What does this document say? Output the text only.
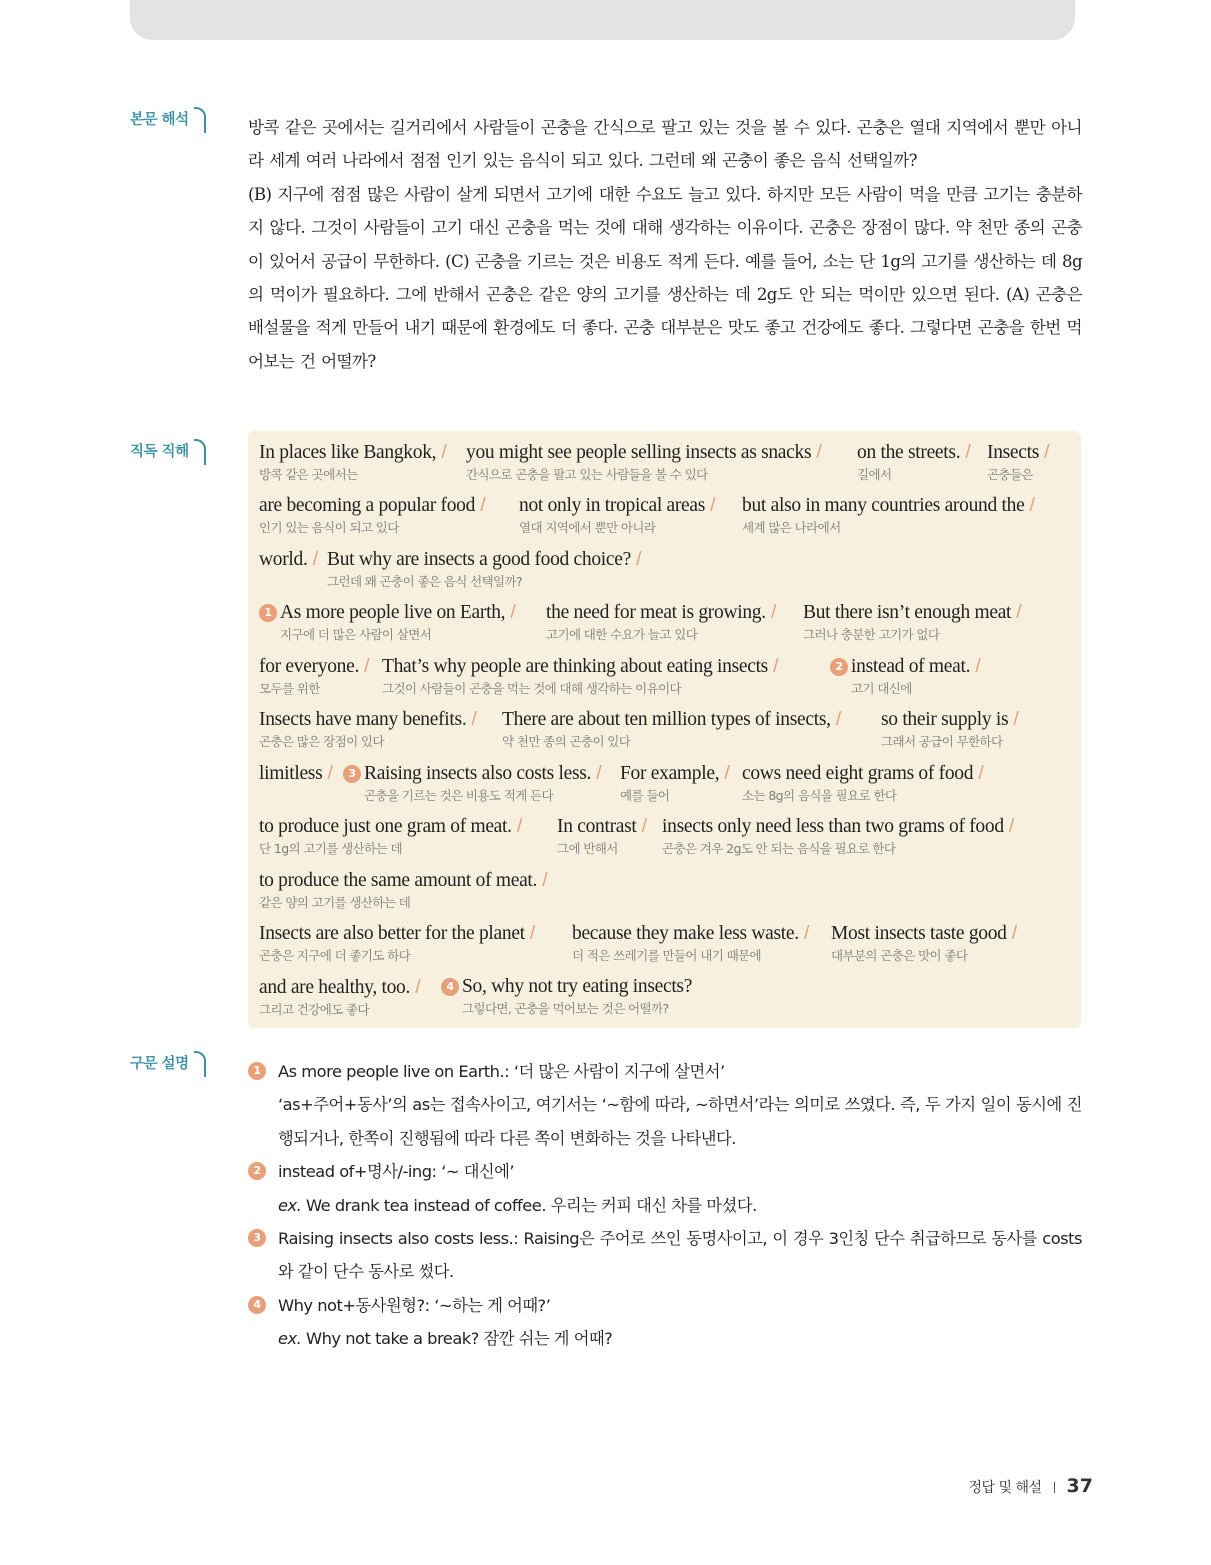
본문 해석	방콕 같은 곳에서는 길거리에서 사람들이 곤충을 간식으로 팔고 있는 것을 볼 수 있다. 곤충은 열대 지역에서 뿐만 아니라 세계 여러 나라에서 점점 인기 있는 음식이 되고 있다. 그런데 왜 곤충이 좋은 음식 선택일까?

(B) 지구에 점점 많은 사람이 살게 되면서 고기에 대한 수요도 늘고 있다. 하지만 모든 사람이 먹을 만큼 고기는 충분하지 않다. 그것이 사람들이 고기 대신 곤충을 먹는 것에 대해 생각하는 이유이다. 곤충은 장점이 많다. 약 천만 종의 곤충이 있어서 공급이 무한하다. (C) 곤충을 기르는 것은 비용도 적게 든다. 예를 들어, 소는 단 1g의 고기를 생산하는 데 8g의 먹이가 필요하다. 그에 반해서 곤충은 같은 양의 고기를 생산하는 데 2g도 안 되는 먹이만 있으면 된다. (A) 곤충은 배설물을 적게 만들어 내기 때문에 환경에도 더 좋다. 곤충 대부분은 맛도 좋고 건강에도 좋다. 그렇다면 곤충을 한번 먹어보는 건 어떨까?

직독 직해	In places like Bangkok, /
방콕 같은 곳에서는
you might see people selling insects as snacks /
간식으로 곤충을 팔고 있는 사람들을 볼 수 있다
on the streets. /
길에서
Insects /
곤충들은
are becoming a popular food /
인기 있는 음식이 되고 있다
not only in tropical areas /
열대 지역에서 뿐만 아니라
but also in many countries around the /
세계 많은 나라에서
world. / But why are insects a good food choice? /
그런데 왜 곤충이 좋은 음식 선택일까?
1 As more people live on Earth, /
지구에 더 많은 사람이 살면서
the need for meat is growing. /
고기에 대한 수요가 늘고 있다
But there isn’t enough meat /
그러나 충분한 고기가 없다
for everyone. /
모두를 위한
That’s why people are thinking about eating insects /
그것이 사람들이 곤충을 먹는 것에 대해 생각하는 이유이다
2 instead of meat. /
고기 대신에
Insects have many benefits. /
곤충은 많은 장점이 있다
There are about ten million types of insects, /
약 천만 종의 곤충이 있다
so their supply is /
그래서 공급이 무한하다
limitless /	3 Raising insects also costs less. /
곤충을 기르는 것은 비용도 적게 든다
For example, /
예를 들어
cows need eight grams of food /
소는 8g의 음식을 필요로 한다
to produce just one gram of meat. /
단 1g의 고기를 생산하는 데
In contrast /
그에 반해서
insects only need less than two grams of food /
곤충은 겨우 2g도 안 되는 음식을 필요로 한다
to produce the same amount of meat. /
같은 양의 고기를 생산하는 데
Insects are also better for the planet /
곤충은 지구에 더 좋기도 하다
because they make less waste. /
더 적은 쓰레기를 만들어 내기 때문에
Most insects taste good /
대부분의 곤충은 맛이 좋다
and are healthy, too. /
그리고 건강에도 좋다
4 So, why not try eating insects?
그렇다면, 곤충을 먹어보는 것은 어떨까?
구문 설명	1	As more people live on Earth.: ‘더 많은 사람이 지구에 살면서’
‘as+주어+동사’의 as는 접속사이고, 여기서는 ‘~함에 따라, ~하면서’라는 의미로 쓰였다. 즉, 두 가지 일이 동시에 진행되거나, 한쪽이 진행됨에 따라 다른 쪽이 변화하는 것을 나타낸다.
2	instead of+명사/-ing: ‘~ 대신에’
ex. We drank tea instead of coffee. 우리는 커피 대신 차를 마셨다.
3	Raising insects also costs less.: Raising은 주어로 쓰인 동명사이고, 이 경우 3인칭 단수 취급하므로 동사를 costs와 같이 단수 동사로 썼다.
4	Why not+동사원형?: ‘~하는 게 어때?’
ex. Why not take a break? 잠깐 쉬는 게 어때?
정답 및 해설 37
